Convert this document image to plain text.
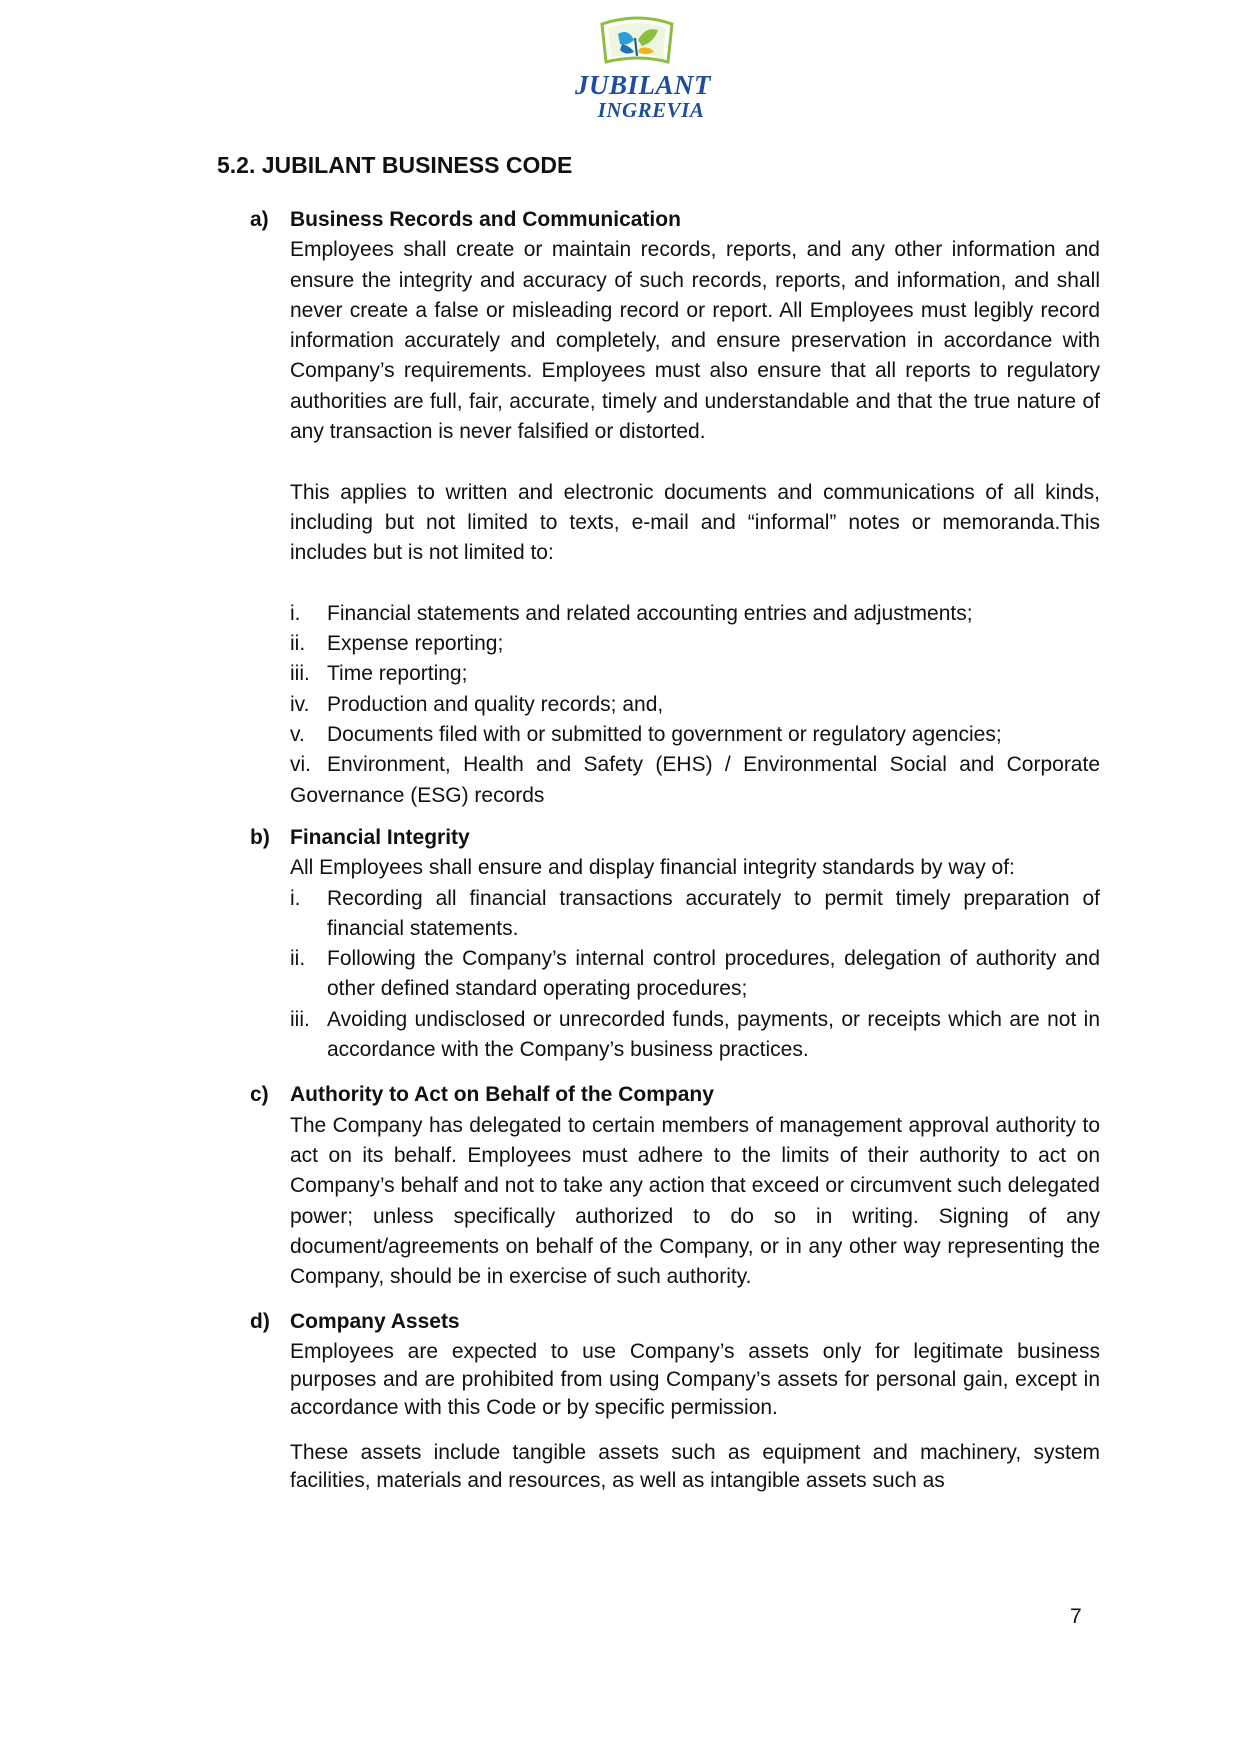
JUBILANT
INGREVIA
5.2. JUBILANT BUSINESS CODE
a) Business Records and Communication

Employees shall create or maintain records, reports, and any other information and ensure the integrity and accuracy of such records, reports, and information, and shall never create a false or misleading record or report. All Employees must legibly record information accurately and completely, and ensure preservation in accordance with Company’s requirements. Employees must also ensure that all reports to regulatory authorities are full, fair, accurate, timely and understandable and that the true nature of any transaction is never falsified or distorted.

This applies to written and electronic documents and communications of all kinds, including but not limited to texts, e-mail and “informal” notes or memoranda.This includes but is not limited to:

i. Financial statements and related accounting entries and adjustments;
ii. Expense reporting;
iii. Time reporting;
iv. Production and quality records; and,
v. Documents filed with or submitted to government or regulatory agencies;
vi. Environment, Health and Safety (EHS) / Environmental Social and Corporate Governance (ESG) records
b) Financial Integrity

All Employees shall ensure and display financial integrity standards by way of:

i. Recording all financial transactions accurately to permit timely preparation of financial statements.

ii. Following the Company’s internal control procedures, delegation of authority and other defined standard operating procedures;

iii. Avoiding undisclosed or unrecorded funds, payments, or receipts which are not in accordance with the Company’s business practices.

c) Authority to Act on Behalf of the Company

The Company has delegated to certain members of management approval authority to act on its behalf. Employees must adhere to the limits of their authority to act on Company’s behalf and not to take any action that exceed or circumvent such delegated power; unless specifically authorized to do so in writing. Signing of any document/agreements on behalf of the Company, or in any other way representing the Company, should be in exercise of such authority.

d) Company Assets

Employees are expected to use Company’s assets only for legitimate business purposes and are prohibited from using Company’s assets for personal gain, except in accordance with this Code or by specific permission.

These assets include tangible assets such as equipment and machinery, system facilities, materials and resources, as well as intangible assets such as

7
